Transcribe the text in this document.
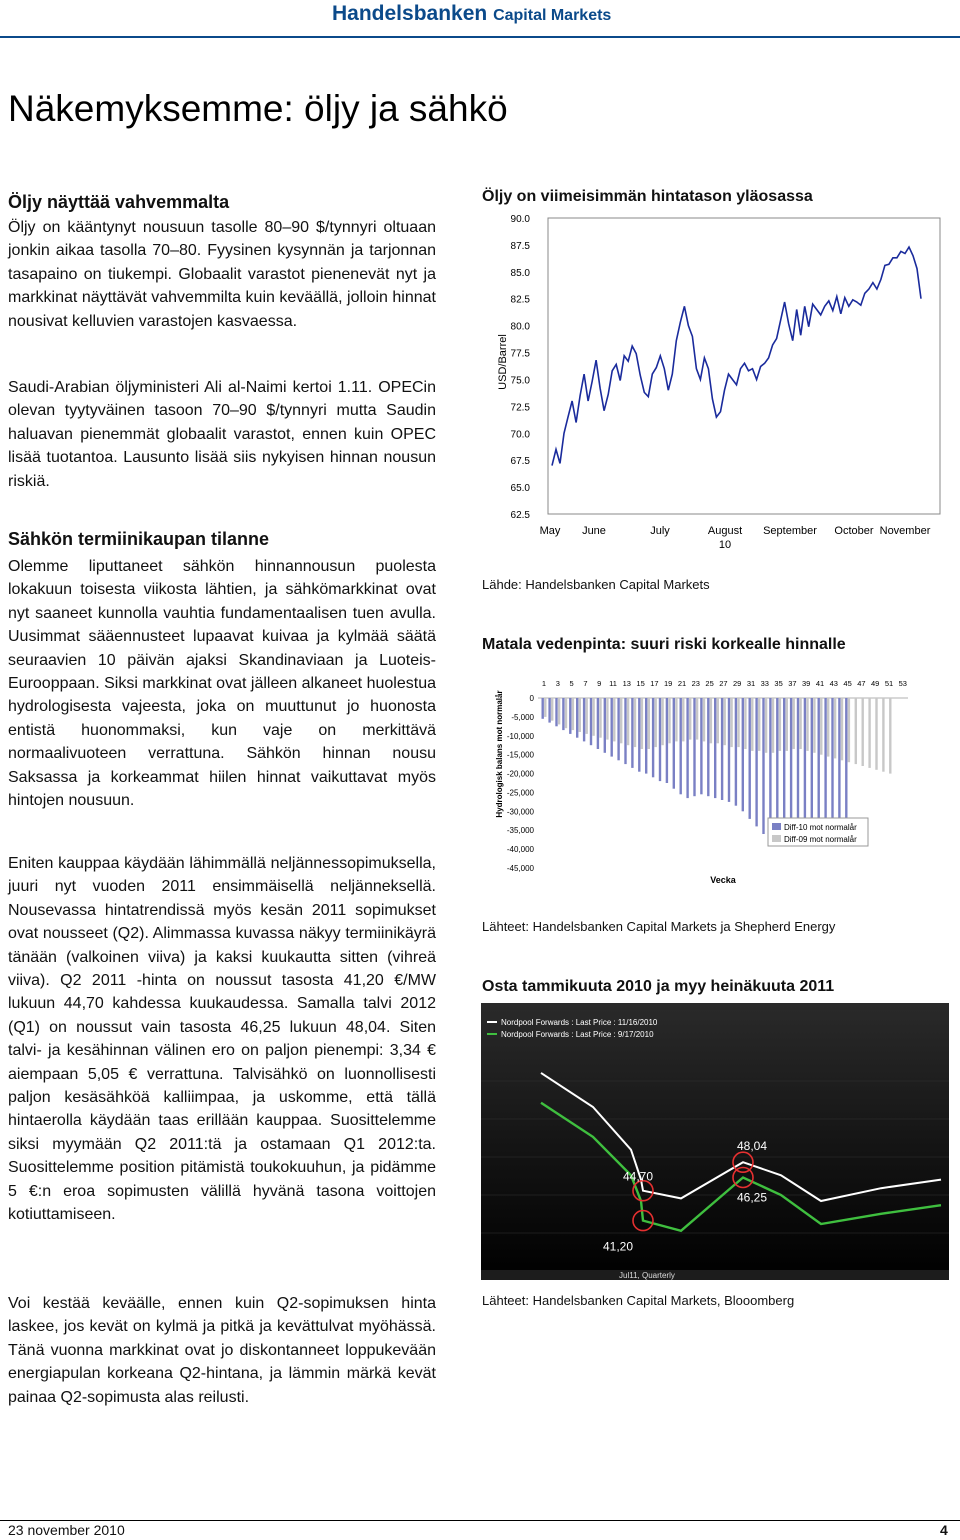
Handelsbanken Capital Markets
Näkemyksemme: öljy ja sähkö
Öljy näyttää vahvemmalta

Öljy on kääntynyt nousuun tasolle 80–90 $/tynnyri oltuaan jonkin aikaa tasolla 70–80. Fyysinen kysynnän ja tarjonnan tasapaino on tiukempi. Globaalit varastot pienenevät nyt ja markkinat näyttävät vahvemmilta kuin keväällä, jolloin hinnat nousivat kelluvien varastojen kasvaessa.

Saudi-Arabian öljyministeri Ali al-Naimi kertoi 1.11. OPECin olevan tyytyväinen tasoon 70–90 $/tynnyri mutta Saudin haluavan pienemmät globaalit varastot, ennen kuin OPEC lisää tuotantoa. Lausunto lisää siis nykyisen hinnan nousun riskiä.

Sähkön termiinikaupan tilanne

Olemme liputtaneet sähkön hinnannousun puolesta lokakuun toisesta viikosta lähtien, ja sähkömarkkinat ovat nyt saaneet kunnolla vauhtia fundamentaalisen tuen avulla. Uusimmat sääennusteet lupaavat kuivaa ja kylmää säätä seuraavien 10 päivän ajaksi Skandinaviaan ja Luoteis-Eurooppaan. Siksi markkinat ovat jälleen alkaneet huolestua hydrologisesta vajeesta, joka on muuttunut jo huonosta entistä huonommaksi, kun vaje on merkittävä normaalivuoteen verrattuna. Sähkön hinnan nousu Saksassa ja korkeammat hiilen hinnat vaikuttavat myös hintojen nousuun.

Eniten kauppaa käydään lähimmällä neljännessopimuksella, juuri nyt vuoden 2011 ensimmäisellä neljänneksellä. Nousevassa hintatrendissä myös kesän 2011 sopimukset ovat nousseet (Q2). Alimmassa kuvassa näkyy termiinikäyrä tänään (valkoinen viiva) ja kaksi kuukautta sitten (vihreä viiva). Q2 2011 -hinta on noussut tasosta 41,20 €/MW lukuun 44,70 kahdessa kuukaudessa. Samalla talvi 2012 (Q1) on noussut vain tasosta 46,25 lukuun 48,04. Siten talvi- ja kesähinnan välinen ero on paljon pienempi: 3,34 € aiempaan 5,05 € verrattuna. Talvisähkö on luonnollisesti paljon kesäsähköä kalliimpaa, ja uskomme, että tällä hintaerolla käydään taas erillään kauppaa. Suosittelemme siksi myymään Q2 2011:tä ja ostamaan Q1 2012:ta. Suosittelemme position pitämistä toukokuuhun, ja pidämme 5 €:n eroa sopimusten välillä hyvänä tasona voittojen kotiuttamiseen.

Voi kestää keväälle, ennen kuin Q2-sopimuksen hinta laskee, jos kevät on kylmä ja pitkä ja kevättulvat myöhässä. Tänä vuonna markkinat ovat jo diskontanneet loppukevään energiapulan korkeana Q2-hintana, ja lämmin märkä kevät painaa Q2-sopimusta alas reilusti.

Öljy on viimeisimmän hintatason yläosassa
USD/Barrel
90.0
87.5
85.0
82.5
80.0
77.5
75.0
72.5
70.0
67.5
65.0
62.5
May June	July	August
10
September October November
Lähde: Handelsbanken Capital Markets
Matala vedenpinta: suuri riski korkealle hinnalle
Hydrologisk balans mot normalår	0
-5,000
-10,000
-15,000
-20,000
-25,000
-30,000
-35,000
-40,000
-45,000
1 3 5 7 9 11 13 15 17 19 21 23 25 27 29 31 33 35 37 39 41 43 45 47 49 51 53
Diff-10 mot normalår
Diff-09 mot normalår
Vecka
Lähteet: Handelsbanken Capital Markets ja Shepherd Energy
Osta tammikuuta 2010 ja myy heinäkuuta 2011
Nordpool Forwards : Last Price : 11/16/2010
Nordpool Forwards : Last Price : 9/17/2010
48,04
44,70
46,25
41,20
Jul11, Quarterly
Lähteet: Handelsbanken Capital Markets, Blooomberg
23 november 2010	4
